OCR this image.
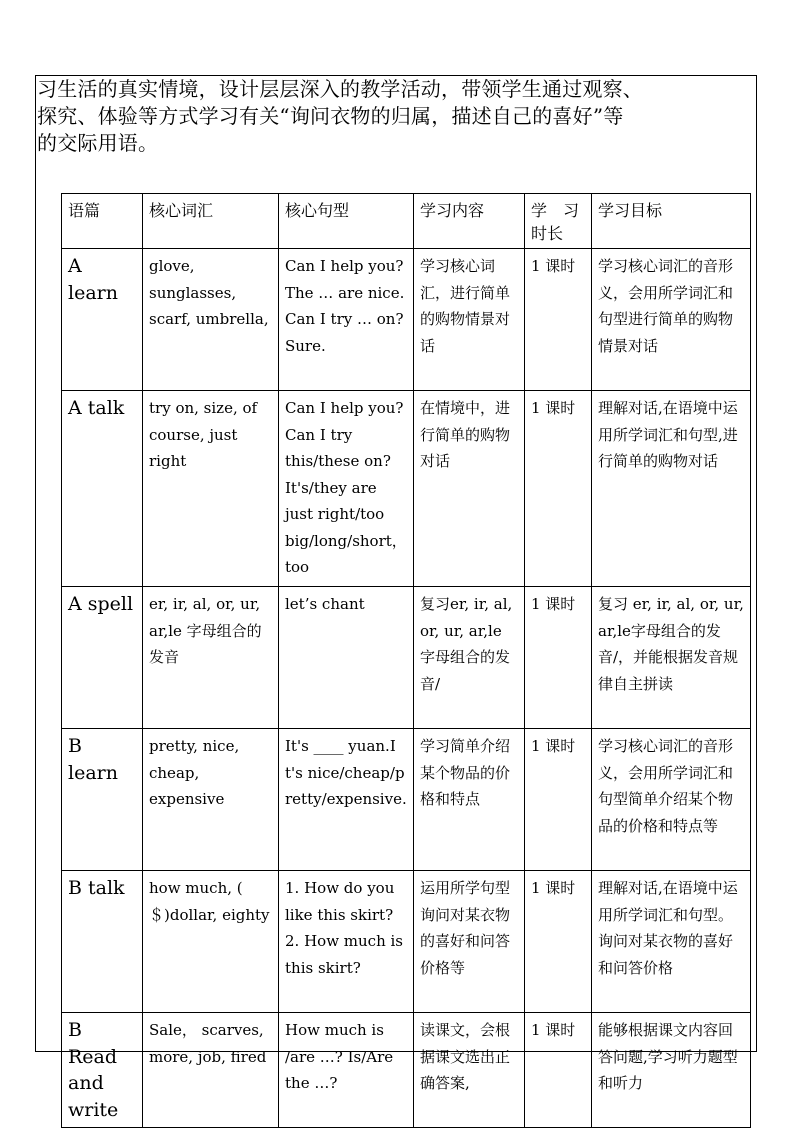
习生活的真实情境，设计层层深入的教学活动，带领学生通过观察、

探究、体验等方式学习有关“询问衣物的归属，描述自己的喜好”等

的交际用语。

语篇	核心词汇	核心句型	学习内容	学　习时长	学习目标
A learn	glove, sunglasses, scarf, umbrella,	Can I help you?The … are nice. Can I try … on?Sure.	学习核心词汇，进行简单的购物情景对话	1 课时	学习核心词汇的音形义，会用所学词汇和句型进行简单的购物情景对话
A talk	try on, size, of course, just right	Can I help you? Can I try this/these on? It's/they are just right/too big/long/short，too	在情境中，进行简单的购物对话	1 课时	理解对话,在语境中运用所学词汇和句型,进行简单的购物对话
A spell	er, ir, al, or, ur, ar,le 字母组合的发音	let’s chant	复习er, ir, al, or, ur, ar,le 字母组合的发音/	1 课时	复习 er, ir, al, or, ur, ar,le字母组合的发音/，并能根据发音规律自主拼读
B learn	pretty, nice, cheap, expensive	It's ____ yuan.It's nice/cheap/pretty/expensive.	学习简单介绍某个物品的价格和特点	1 课时	学习核心词汇的音形义，会用所学词汇和句型简单介绍某个物品的价格和特点等
B talk	how much, ( ＄)dollar, eighty	1. How do you like this skirt? 2. How much is this skirt?	运用所学句型询问对某衣物的喜好和问答价格等	1 课时	理解对话,在语境中运用所学词汇和句型。询问对某衣物的喜好和问答价格
B Read and write	Sale， scarves, more, job, fired	How much is /are …? Is/Are the …?	读课文，会根据课文选出正确答案,	1 课时	能够根据课文内容回答问题,学习听力题型和听力
